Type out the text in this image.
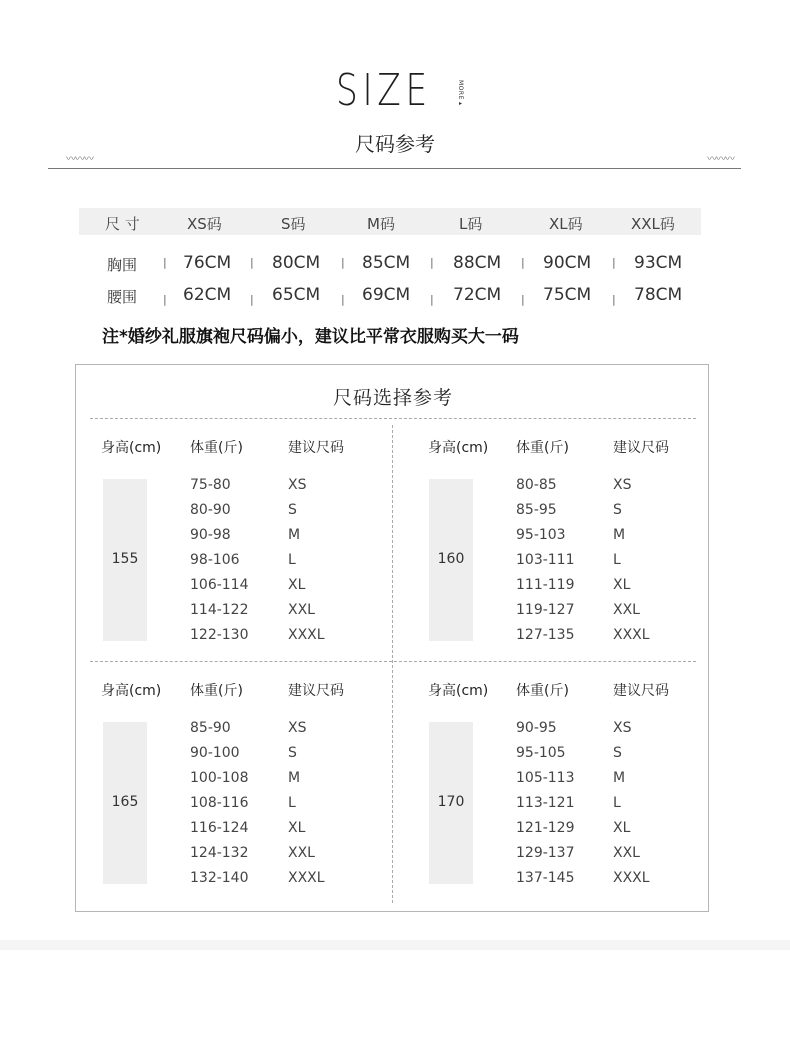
SIZE	MORE▸
尺码参考
〰〰〰	〰〰〰
尺 寸	XS码	S码	M码	L码	XL码	XXL码
胸围 | 76CM | 80CM | 85CM | 88CM | 90CM | 93CM
腰围 | 62CM | 65CM | 69CM | 72CM | 75CM | 78CM
注*婚纱礼服旗袍尺码偏小，建议比平常衣服购买大一码
尺码选择参考
身高(cm) 体重(斤)	建议尺码
155
75-80	XS
80-90	S
90-98	M
98-106	L
106-114	XL
114-122	XXL
122-130	XXXL
身高(cm) 体重(斤)	建议尺码
160
80-85	XS
85-95	S
95-103	M
103-111	L
111-119	XL
119-127	XXL
127-135	XXXL
身高(cm) 体重(斤)	建议尺码
165
85-90	XS
90-100	S
100-108	M
108-116	L
116-124	XL
124-132	XXL
132-140	XXXL
身高(cm) 体重(斤)	建议尺码
170
90-95	XS
95-105	S
105-113	M
113-121	L
121-129	XL
129-137	XXL
137-145	XXXL
